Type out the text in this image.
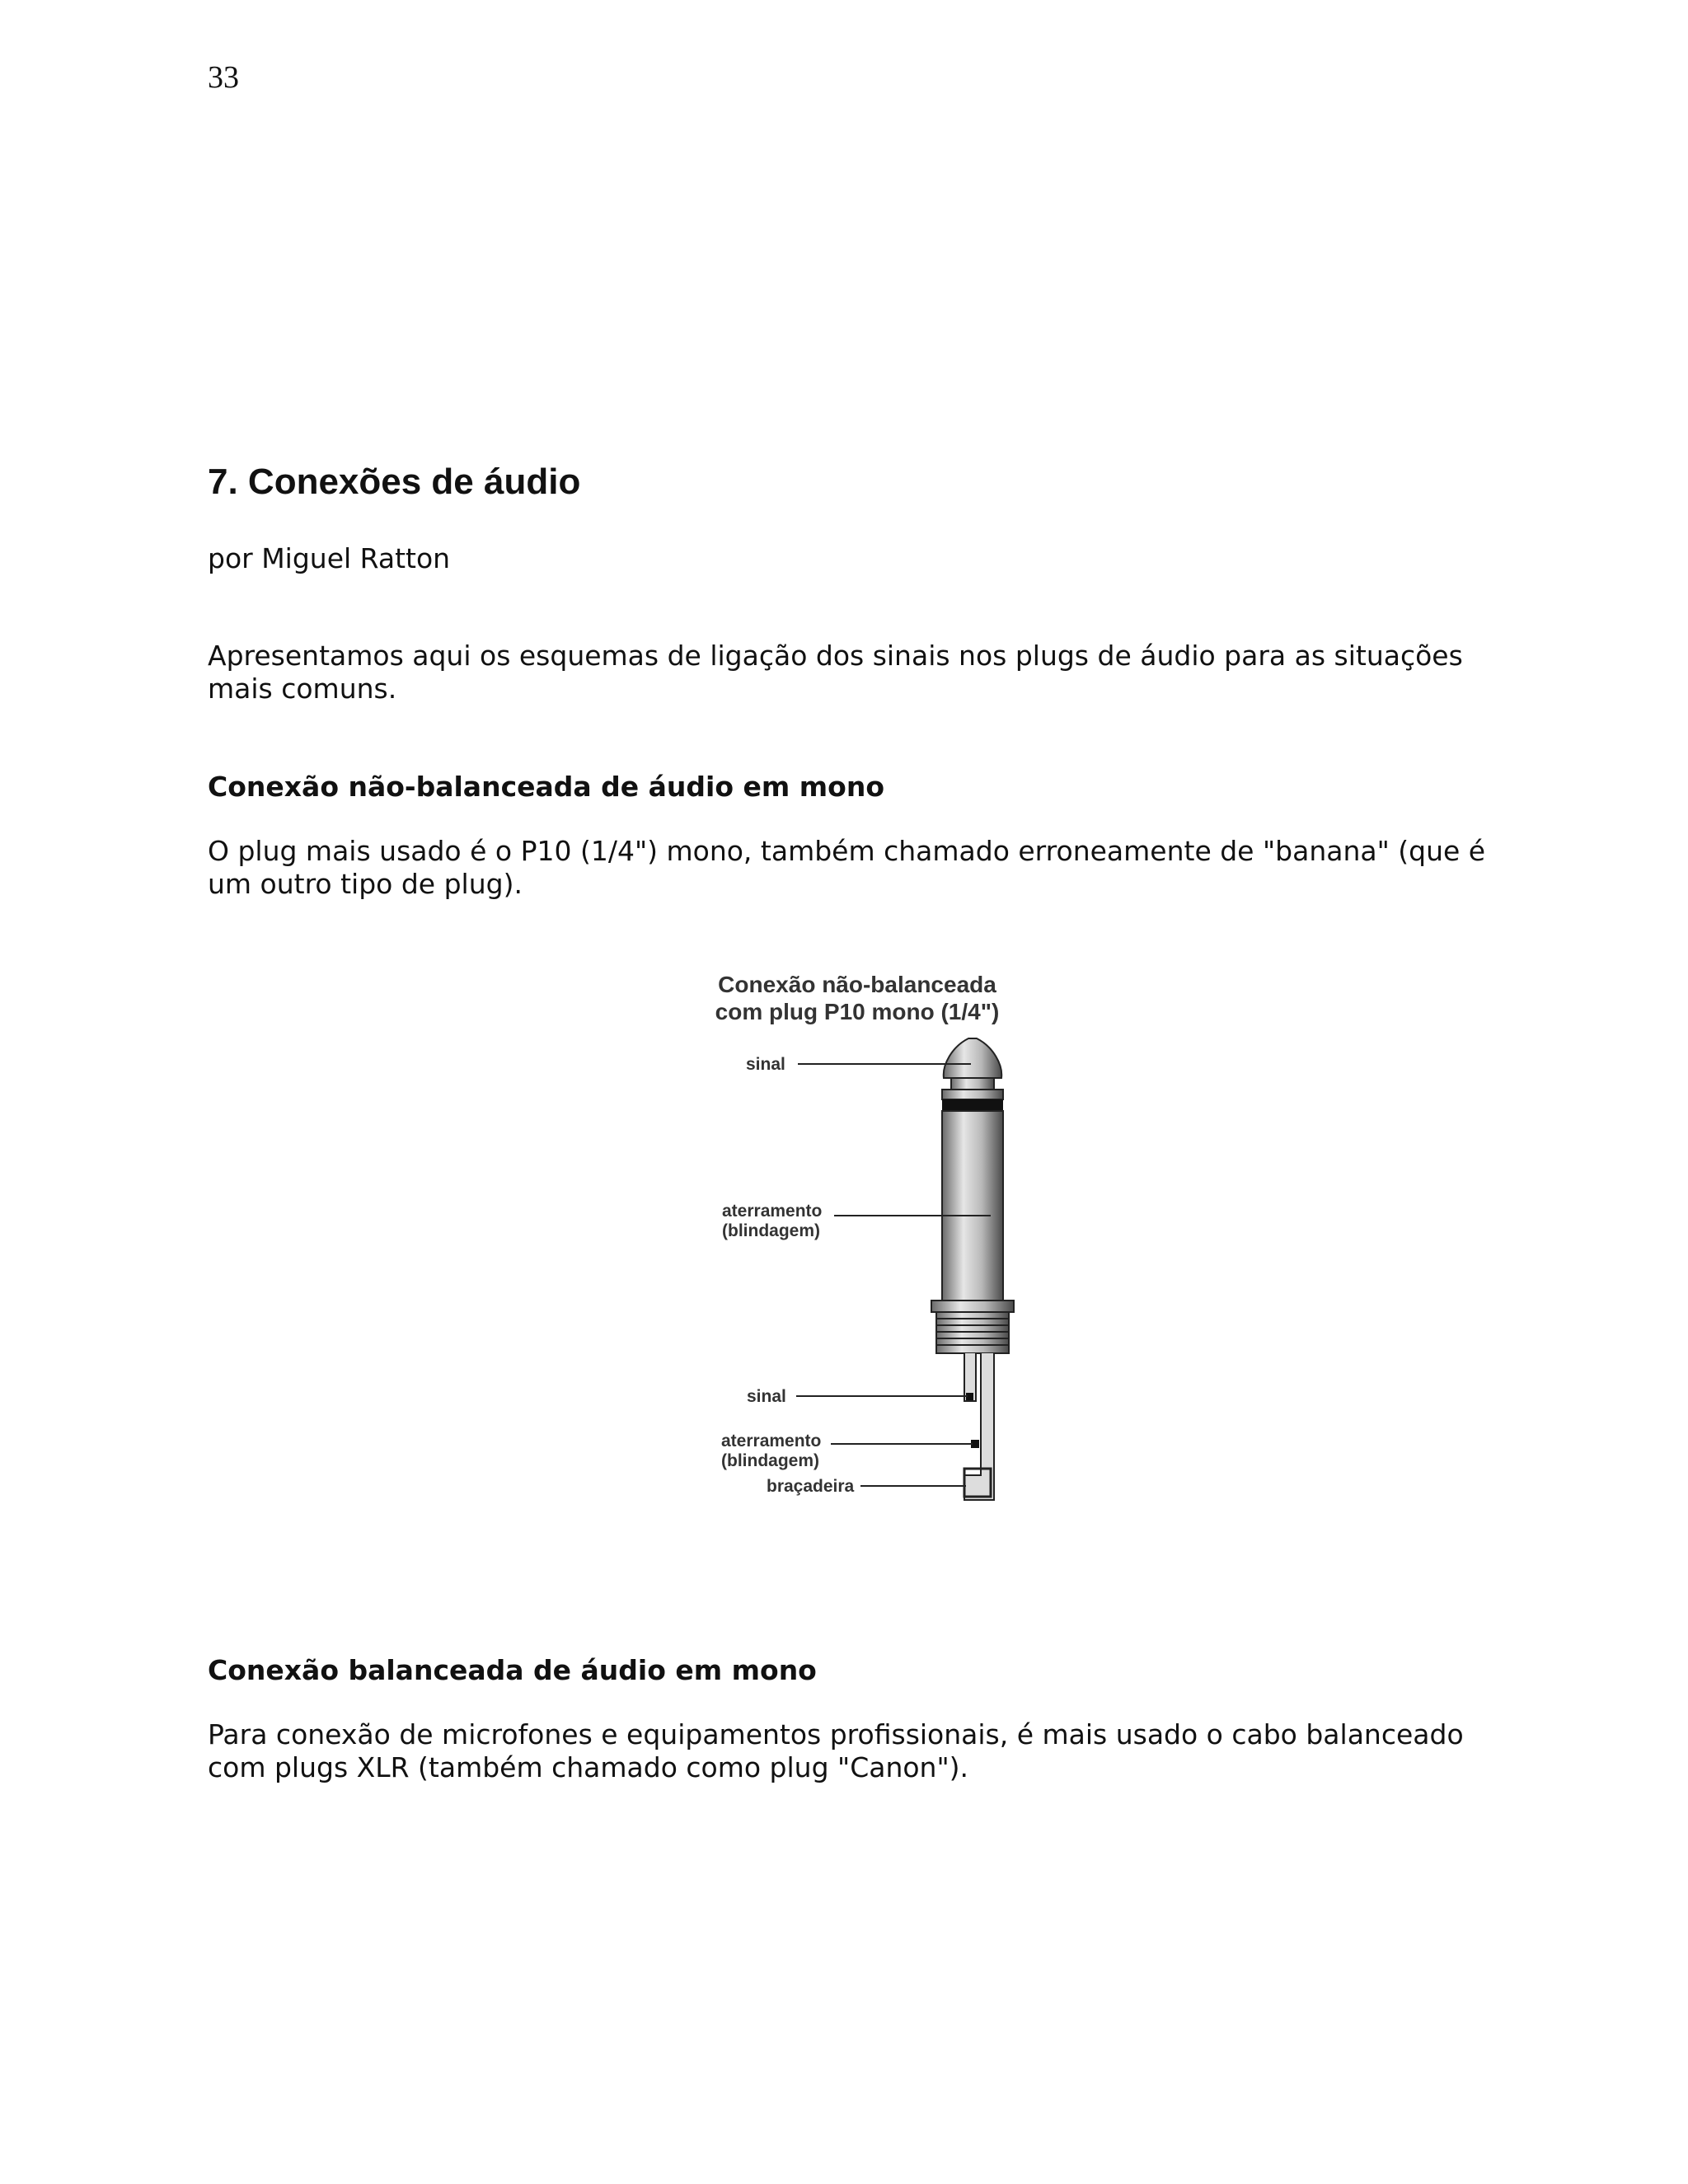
33
7. Conexões de áudio
por Miguel Ratton

Apresentamos aqui os esquemas de ligação dos sinais nos plugs de áudio para as situações mais comuns.

Conexão não-balanceada de áudio em mono

O plug mais usado é o P10 (1/4") mono, também chamado erroneamente de "banana" (que é um outro tipo de plug).

Conexão não-balanceada
com plug P10 mono (1/4")
sinal
aterramento
(blindagem)
sinal
aterramento
(blindagem)
braçadeira
Conexão balanceada de áudio em mono

Para conexão de microfones e equipamentos profissionais, é mais usado o cabo balanceado com plugs XLR (também chamado como plug "Canon").
